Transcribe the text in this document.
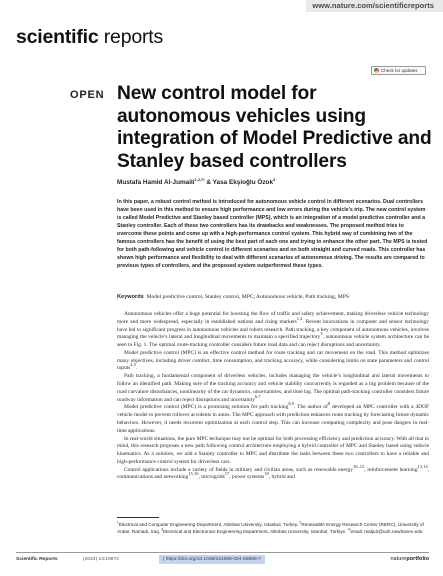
www.nature.com/scientificreports
scientific reports
Check for updates
OPEN New control model for autonomous vehicles using integration of Model Predictive and Stanley based controllers
Mustafa Hamid Al-Jumaili$^{1,2,✉}$ & Yasa Ekşioğlu Özok$^3$

In this paper, a robust control method is introduced for autonomous vehicle control in different scenarios. Dual controllers have been used in this method to ensure high performance and low errors during the vehicle’s trip. The new control system is called Model Predictive and Stanley based controller (MPS), which is an integration of a model predictive controller and a Stanley controller. Each of these two controllers has its drawbacks and weaknesses. The proposed method tries to overcome these points and come up with a high-performance control system. This hybrid way of combining two of the famous controllers has the benefit of using the best part of each one and trying to enhance the other part. The MPS is tested for both path-following and vehicle control in different scenarios and on both straight and curved roads. This controller has shown high performance and flexibility to deal with different scenarios of autonomous driving. The results are compared to previous types of controllers, and the proposed system outperformed these types.

Keywords Model predictive control, Stanley control, MPC, Autonomous vehicle, Path tracking, MPS

Autonomous vehicles offer a huge potential for boosting the flow of traffic and safety achievement, making driverless vehicle technology more and more widespread, especially in established nations and rising markets$^{1,2}$. Recent innovations in computer and sensor technology have led to significant progress in autonomous vehicles and robots research. Path tracking, a key component of autonomous vehicles, involves managing the vehicle’s lateral and longitudinal movements to maintain a specified trajectory$^3$, autonomous vehicle system architecture can be seen in Fig. 1. The optimal route-tracking controller considers future road data and can reject disruptions and uncertainty.

Model predictive control (MPC) is an effective control method for route tracking and car movement on the road. This method optimizes many objectives, including driver comfort, time consumption, and tracking accuracy, while considering limits on state parameters and control inputs$^{4,5}$.

Path tracking, a fundamental component of driverless vehicles, includes managing the vehicle’s longitudinal and lateral movements to follow an identified path. Making sure of the tracking accuracy and vehicle stability concurrently is regarded as a big problem because of the road curvature disturbances, nonlinearity of the car dynamics, uncertainties, and time lag. The optimal path-tracking controller considers future roadway information and can reject disruptions and uncertainty$^{6,7}$.

Model predictive control (MPC) is a promising solution for path tracking$^{8,9}$. The author $of^8$ developed an MPC controller with a 4DOF vehicle model to prevent rollover accidents in autos. The MPC approach with prediction enhances route tracking by forecasting future dynamic behaviors. However, it needs recurrent optimization at each control step. This can increase computing complexity and pose dangers in real-time applications.

In real-world situations, the pure MPC technique may not be optimal for both processing efficiency and prediction accuracy. With all that in mind, this research proposes a new path following control architecture employing a hybrid controller of MPC and Stanley based using vehicle kinematics. As a solution, we add a Stanley controller to MPC and distribute the tasks between these two controllers to have a reliable and high-performance control system for driverless cars.

Control applications include a variety of fields in military and civilian areas, such as renewable energy$^{10-12}$, reinforcement learning$^{13,14}$, communications and networking$^{15,16}$, microgrids$^{17}$, power systems$^{18}$, hybrid and

$^1$Electrical and Computer Engineering Department, Altinbas University, Istanbul, Turkey. $^2$Renewable Energy Research Center (RERC), University of Anbar, Ramadi, Iraq. $^3$Electrical and Electronics Engineering Department, Altinbas University, Istanbul, Türkiye. ✉email: malju2@uoh.newhaven.edu

Scientific Reports	(2024) 14:19872	| https://doi.org/10.1038/s41598-024-69858-7	natureportfolio
